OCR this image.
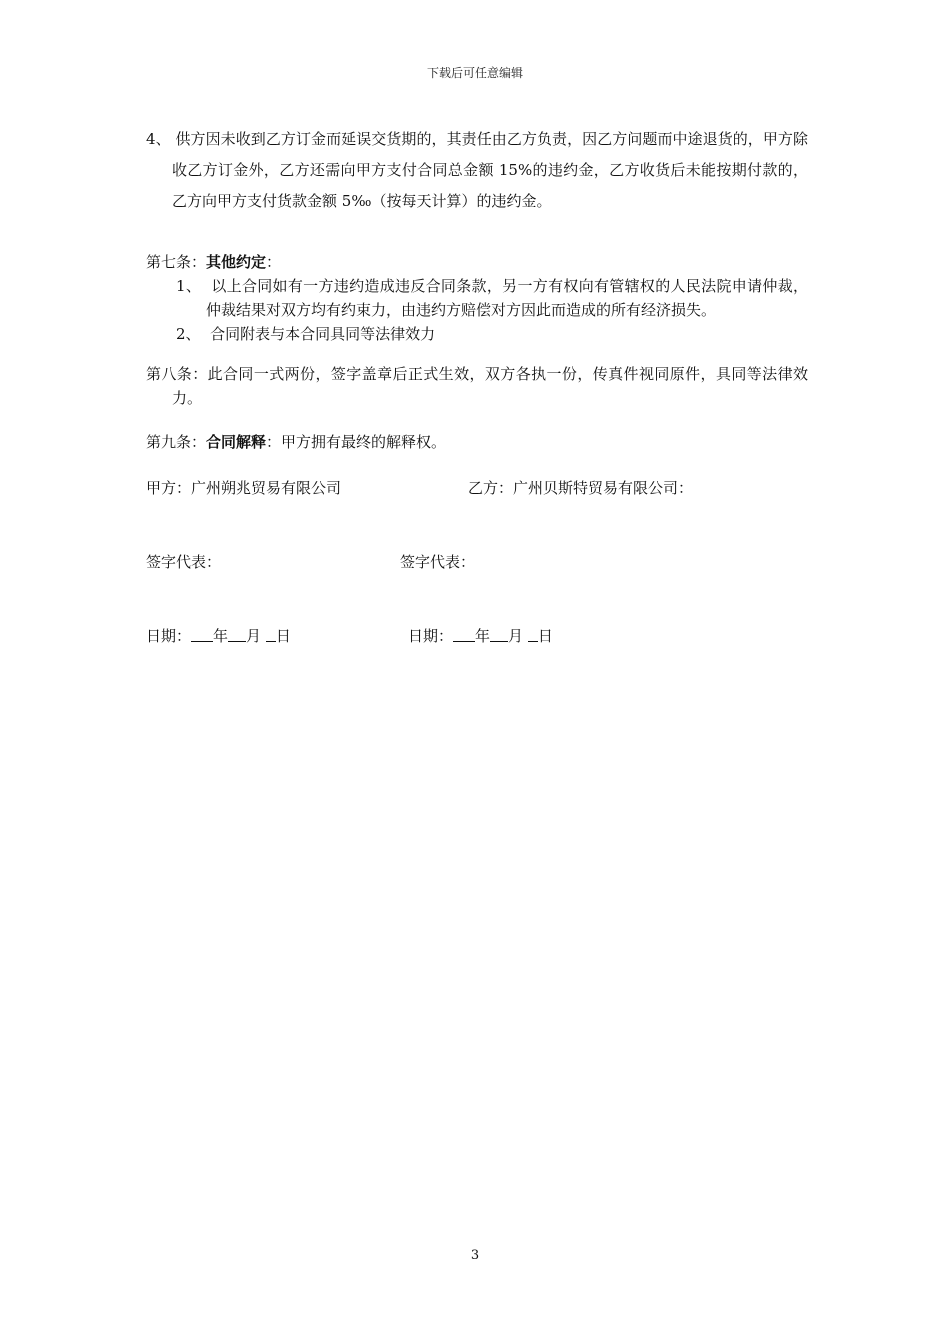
下载后可任意编辑

4、 供方因未收到乙方订金而延误交货期的，其责任由乙方负责，因乙方问题而中途退货的，甲方除收乙方订金外，乙方还需向甲方支付合同总金额 15%的违约金，乙方收货后未能按期付款的，乙方向甲方支付货款金额 5‰（按每天计算）的违约金。

第七条：其他约定：

1、 以上合同如有一方违约造成违反合同条款，另一方有权向有管辖权的人民法院申请仲裁，仲裁结果对双方均有约束力，由违约方赔偿对方因此而造成的所有经济损失。
2、 合同附表与本合同具同等法律效力

第八条：此合同一式两份，签字盖章后正式生效，双方各执一份，传真件视同原件，具同等法律效力。

第九条：合同解释：甲方拥有最终的解释权。

甲方：广州朔兆贸易有限公司	乙方：广州贝斯特贸易有限公司：
签字代表：	签字代表：
日期： 年 月 日	日期： 年 月 日
3
